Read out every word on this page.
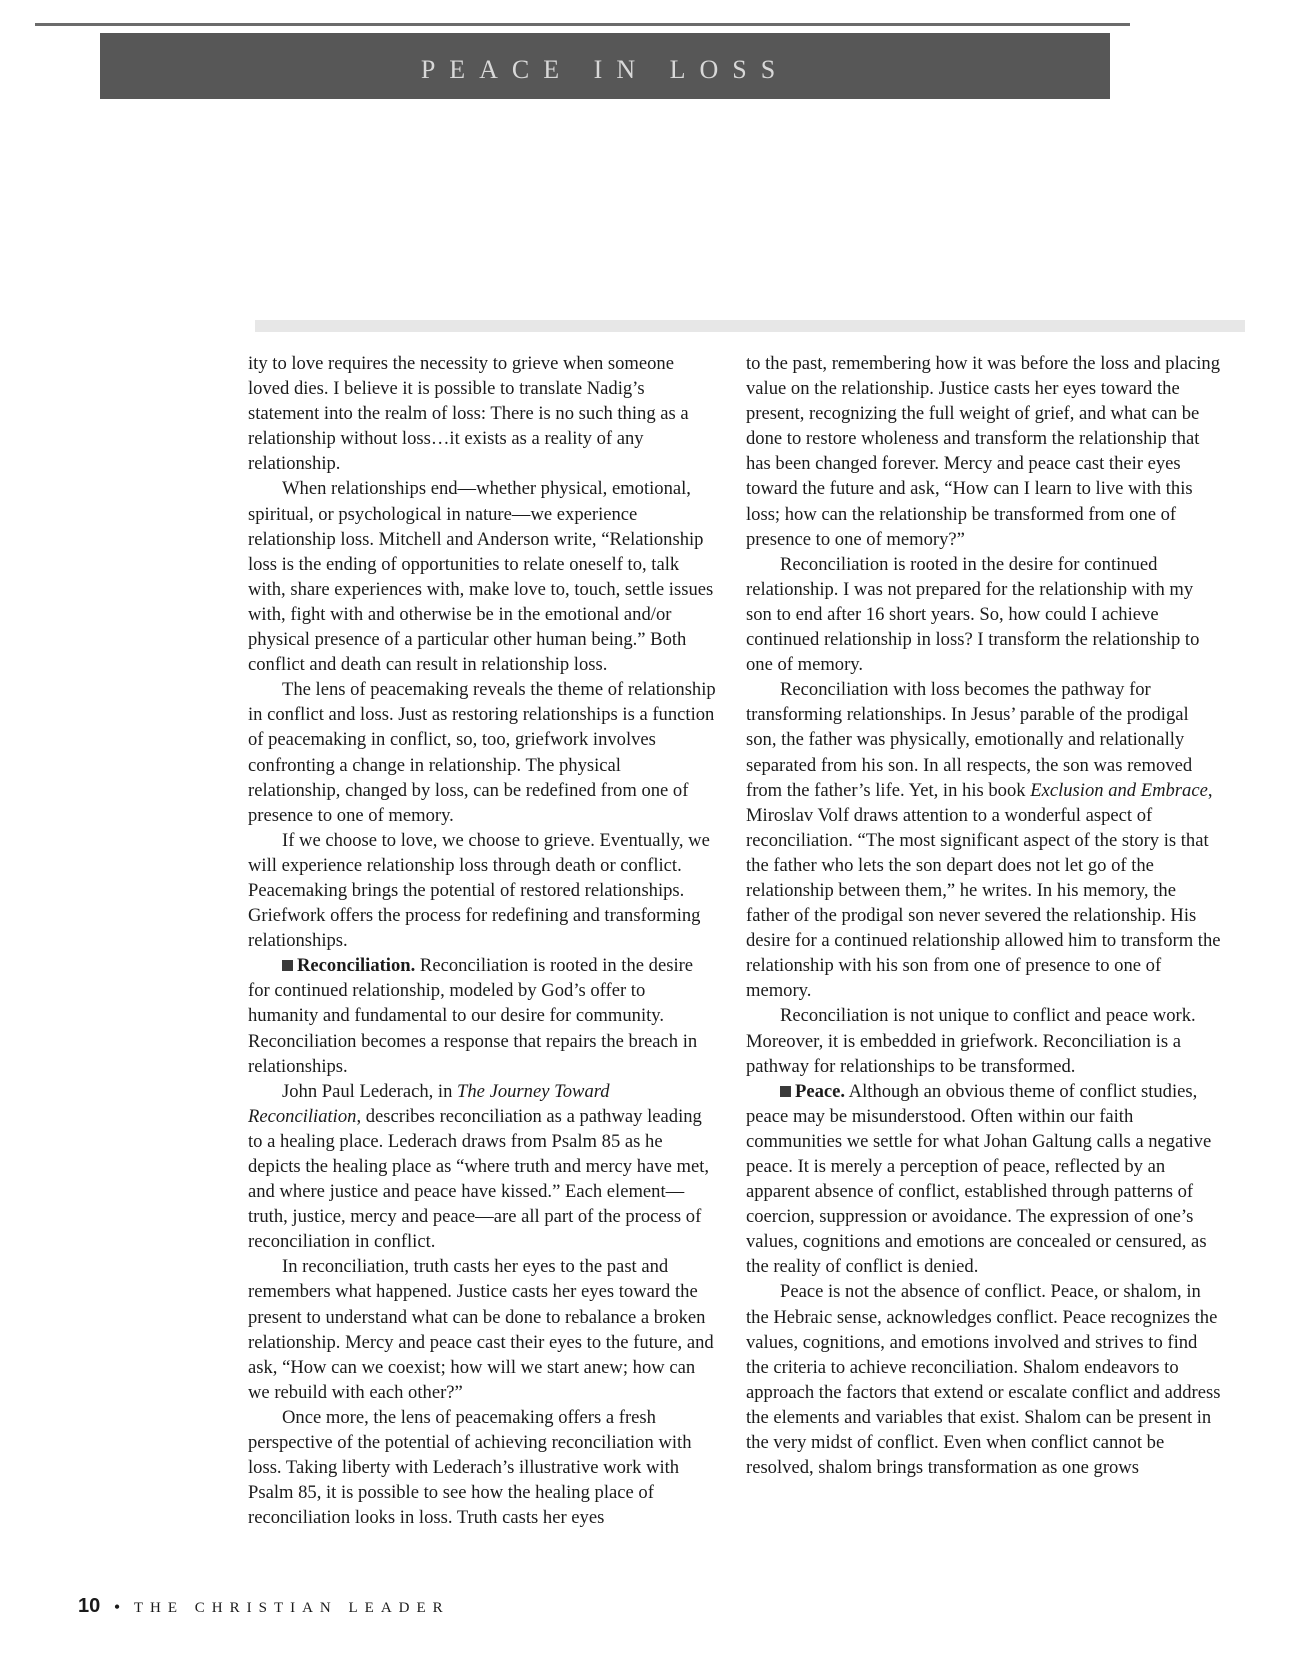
PEACE IN LOSS

ity to love requires the necessity to grieve when someone loved dies. I believe it is possible to translate Nadig’s statement into the realm of loss: There is no such thing as a relationship without loss…it exists as a reality of any relationship.

When relationships end—whether physical, emotional, spiritual, or psychological in nature—we experience relationship loss. Mitchell and Anderson write, “Relationship loss is the ending of opportunities to relate oneself to, talk with, share experiences with, make love to, touch, settle issues with, fight with and otherwise be in the emotional and/or physical presence of a particular other human being.” Both conflict and death can result in relationship loss.

The lens of peacemaking reveals the theme of relationship in conflict and loss. Just as restoring relationships is a function of peacemaking in conflict, so, too, griefwork involves confronting a change in relationship. The physical relationship, changed by loss, can be redefined from one of presence to one of memory.

If we choose to love, we choose to grieve. Eventually, we will experience relationship loss through death or conflict. Peacemaking brings the potential of restored relationships. Griefwork offers the process for redefining and transforming relationships.

Reconciliation. Reconciliation is rooted in the desire for continued relationship, modeled by God’s offer to humanity and fundamental to our desire for community. Reconciliation becomes a response that repairs the breach in relationships.

John Paul Lederach, in The Journey Toward Reconciliation, describes reconciliation as a pathway leading to a healing place. Lederach draws from Psalm 85 as he depicts the healing place as “where truth and mercy have met, and where justice and peace have kissed.” Each element—truth, justice, mercy and peace—are all part of the process of reconciliation in conflict.

In reconciliation, truth casts her eyes to the past and remembers what happened. Justice casts her eyes toward the present to understand what can be done to rebalance a broken relationship. Mercy and peace cast their eyes to the future, and ask, “How can we coexist; how will we start anew; how can we rebuild with each other?”

Once more, the lens of peacemaking offers a fresh perspective of the potential of achieving reconciliation with loss. Taking liberty with Lederach’s illustrative work with Psalm 85, it is possible to see how the healing place of reconciliation looks in loss. Truth casts her eyes

to the past, remembering how it was before the loss and placing value on the relationship. Justice casts her eyes toward the present, recognizing the full weight of grief, and what can be done to restore wholeness and transform the relationship that has been changed forever. Mercy and peace cast their eyes toward the future and ask, “How can I learn to live with this loss; how can the relationship be transformed from one of presence to one of memory?”

Reconciliation is rooted in the desire for continued relationship. I was not prepared for the relationship with my son to end after 16 short years. So, how could I achieve continued relationship in loss? I transform the relationship to one of memory.

Reconciliation with loss becomes the pathway for transforming relationships. In Jesus’ parable of the prodigal son, the father was physically, emotionally and relationally separated from his son. In all respects, the son was removed from the father’s life. Yet, in his book Exclusion and Embrace, Miroslav Volf draws attention to a wonderful aspect of reconciliation. “The most significant aspect of the story is that the father who lets the son depart does not let go of the relationship between them,” he writes. In his memory, the father of the prodigal son never severed the relationship. His desire for a continued relationship allowed him to transform the relationship with his son from one of presence to one of memory.

Reconciliation is not unique to conflict and peace work. Moreover, it is embedded in griefwork. Reconciliation is a pathway for relationships to be transformed.

Peace. Although an obvious theme of conflict studies, peace may be misunderstood. Often within our faith communities we settle for what Johan Galtung calls a negative peace. It is merely a perception of peace, reflected by an apparent absence of conflict, established through patterns of coercion, suppression or avoidance. The expression of one’s values, cognitions and emotions are concealed or censured, as the reality of conflict is denied.

Peace is not the absence of conflict. Peace, or shalom, in the Hebraic sense, acknowledges conflict. Peace recognizes the values, cognitions, and emotions involved and strives to find the criteria to achieve reconciliation. Shalom endeavors to approach the factors that extend or escalate conflict and address the elements and variables that exist. Shalom can be present in the very midst of conflict. Even when conflict cannot be resolved, shalom brings transformation as one grows

10 • THE CHRISTIAN LEADER
